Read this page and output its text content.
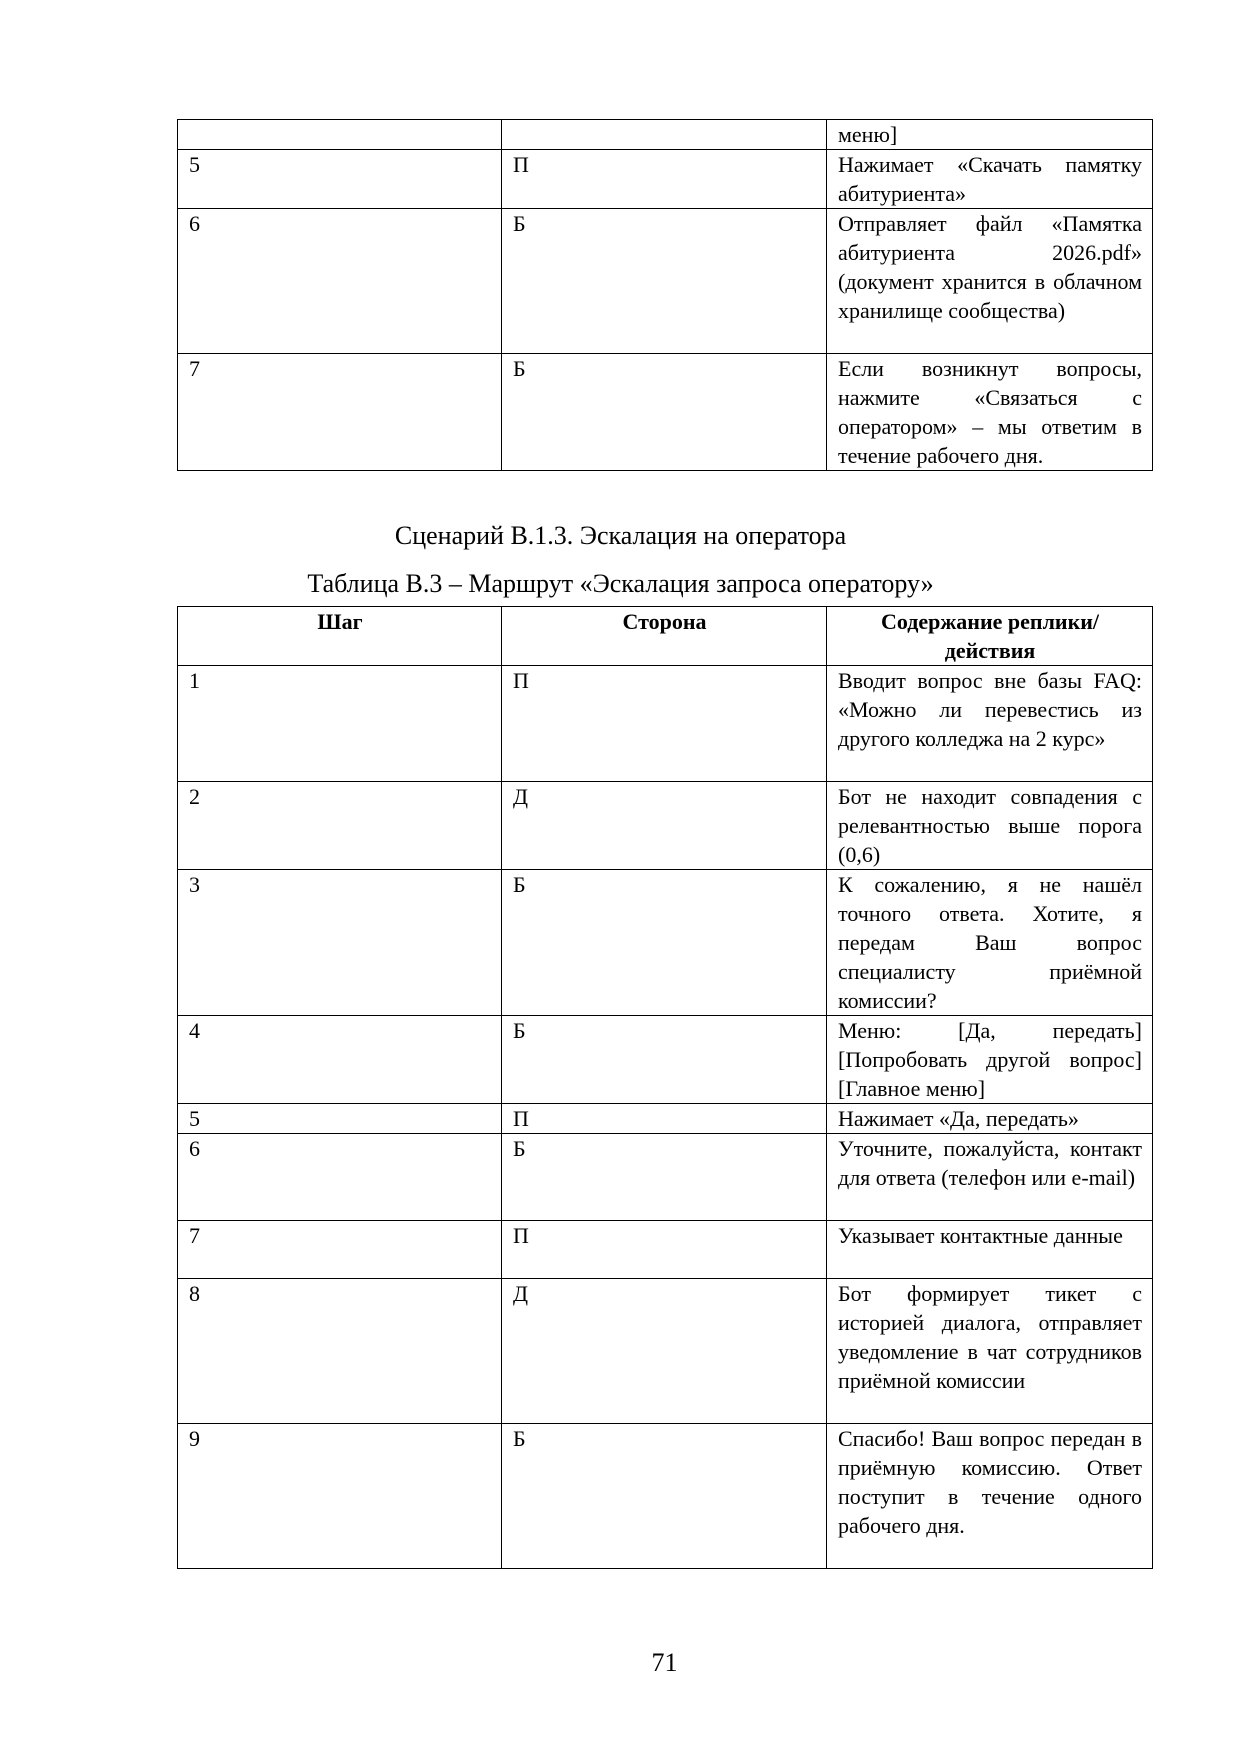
		меню]
5	П	Нажимает «Скачать памятку абитуриента»
6	Б	Отправляет файл «Памятка абитуриента 2026.pdf» (документ хранится в облачном хранилище сообщества)
7	Б	Если возникнут вопросы, нажмите «Связаться с оператором» – мы ответим в течение рабочего дня.
Сценарий В.1.3. Эскалация на оператора
Таблица В.3 – Маршрут «Эскалация запроса оператору»
Шаг	Сторона	Содержание реплики/действия
1	П	Вводит вопрос вне базы FAQ: «Можно ли перевестись из другого колледжа на 2 курс»
2	Д	Бот не находит совпадения с релевантностью выше порога (0,6)
3	Б	К сожалению, я не нашёл точного ответа. Хотите, я передам Ваш вопрос специалисту приёмной комиссии?
4	Б	Меню: [Да, передать] [Попробовать другой вопрос] [Главное меню]
5	П	Нажимает «Да, передать»
6	Б	Уточните, пожалуйста, контакт для ответа (телефон или e-mail)
7	П	Указывает контактные данные
8	Д	Бот формирует тикет с историей диалога, отправляет уведомление в чат сотрудников приёмной комиссии
9	Б	Спасибо! Ваш вопрос передан в приёмную комиссию. Ответ поступит в течение одного рабочего дня.
71
